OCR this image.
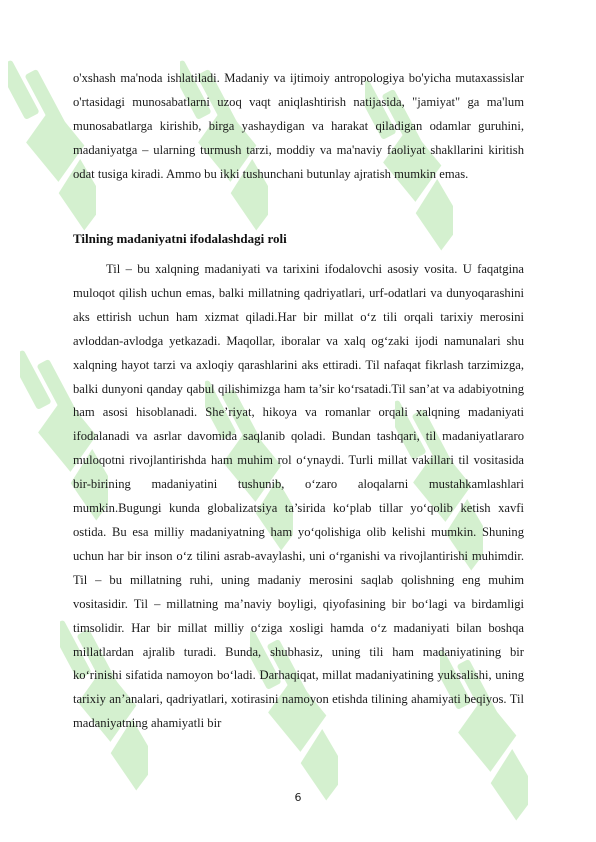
o'xshash ma'noda ishlatiladi. Madaniy va ijtimoiy antropologiya bo'yicha mutaxassislar o'rtasidagi munosabatlarni uzoq vaqt aniqlashtirish natijasida, "jamiyat" ga ma'lum munosabatlarga kirishib, birga yashaydigan va harakat qiladigan odamlar guruhini, madaniyatga – ularning turmush tarzi, moddiy va ma'naviy faoliyat shakllarini kiritish odat tusiga kiradi. Ammo bu ikki tushunchani butunlay ajratish mumkin emas.
Tilning madaniyatni ifodalashdagi roli
Til – bu xalqning madaniyati va tarixini ifodalovchi asosiy vosita. U faqatgina muloqot qilish uchun emas, balki millatning qadriyatlari, urf-odatlari va dunyoqarashini aks ettirish uchun ham xizmat qiladi.Har bir millat o‘z tili orqali tarixiy merosini avloddan-avlodga yetkazadi. Maqollar, iboralar va xalq og‘zaki ijodi namunalari shu xalqning hayot tarzi va axloqiy qarashlarini aks ettiradi. Til nafaqat fikrlash tarzimizga, balki dunyoni qanday qabul qilishimizga ham ta’sir ko‘rsatadi.Til san’at va adabiyotning ham asosi hisoblanadi. She’riyat, hikoya va romanlar orqali xalqning madaniyati ifodalanadi va asrlar davomida saqlanib qoladi. Bundan tashqari, til madaniyatlararo muloqotni rivojlantirishda ham muhim rol o‘ynaydi. Turli millat vakillari til vositasida bir-birining madaniyatini tushunib, o‘zaro aloqalarni mustahkamlashlari mumkin.Bugungi kunda globalizatsiya ta’sirida ko‘plab tillar yo‘qolib ketish xavfi ostida. Bu esa milliy madaniyatning ham yo‘qolishiga olib kelishi mumkin. Shuning uchun har bir inson o‘z tilini asrab-avaylashi, uni o‘rganishi va rivojlantirishi muhimdir. Til – bu millatning ruhi, uning madaniy merosini saqlab qolishning eng muhim vositasidir. Til – millatning ma’naviy boyligi, qiyofasining bir bo‘lagi va birdamligi timsolidir. Har bir millat milliy o‘ziga xosligi hamda o‘z madaniyati bilan boshqa millatlardan ajralib turadi. Bunda, shubhasiz, uning tili ham madaniyatining bir ko‘rinishi sifatida namoyon bo‘ladi. Darhaqiqat, millat madaniyatining yuksalishi, uning tarixiy an’analari, qadriyatlari, xotirasini namoyon etishda tilining ahamiyati beqiyos. Til madaniyatning ahamiyatli bir
6
